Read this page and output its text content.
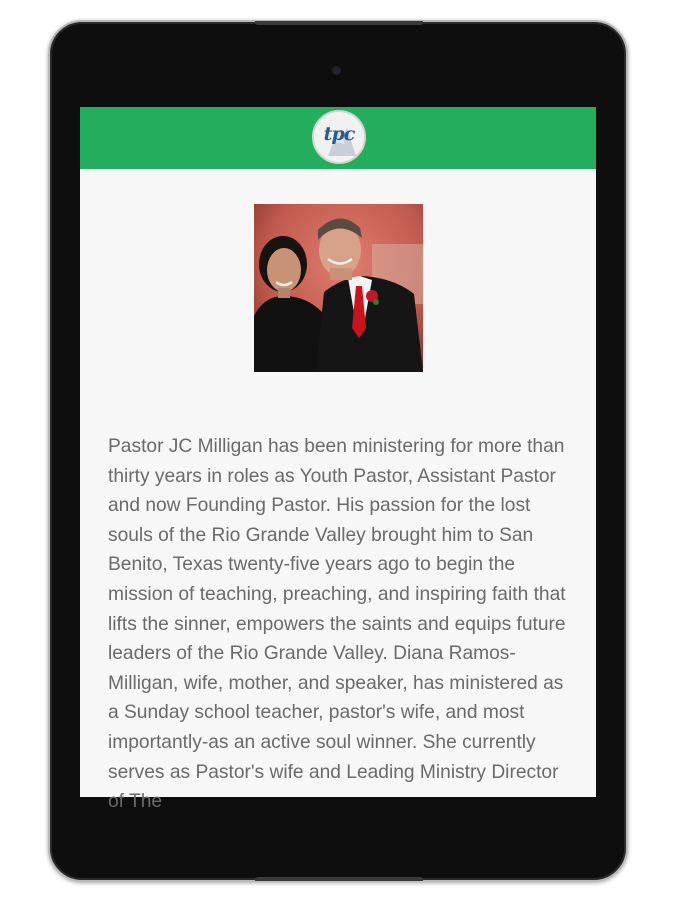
tpc

Pastor JC Milligan has been ministering for more than thirty years in roles as Youth Pastor, Assistant Pastor and now Founding Pastor. His passion for the lost souls of the Rio Grande Valley brought him to San Benito, Texas twenty-five years ago to begin the mission of teaching, preaching, and inspiring faith that lifts the sinner, empowers the saints and equips future leaders of the Rio Grande Valley. Diana Ramos-Milligan, wife, mother, and speaker, has ministered as a Sunday school teacher, pastor's wife, and most importantly-as an active soul winner. She currently serves as Pastor's wife and Leading Ministry Director of The
